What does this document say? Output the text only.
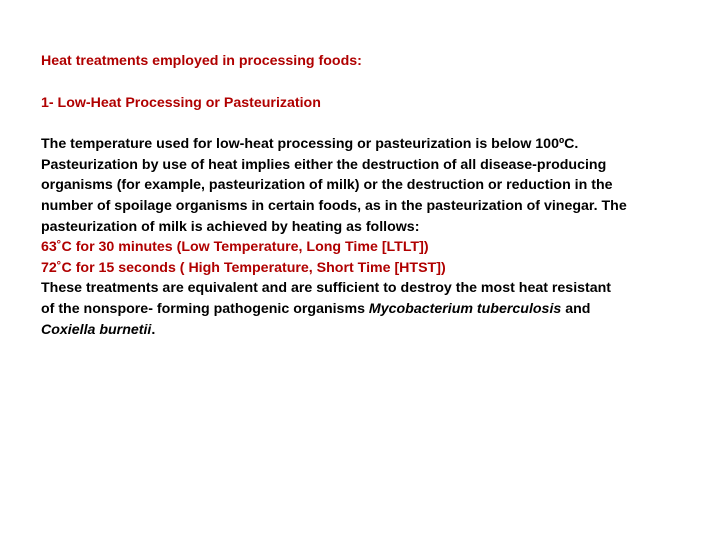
Heat treatments employed in processing foods:

1- Low-Heat Processing or Pasteurization

The temperature used for low-heat processing or pasteurization is below 100ºC.
Pasteurization by use of heat implies either the destruction of all disease-producing
organisms (for example, pasteurization of milk) or the destruction or reduction in the
number of spoilage organisms in certain foods, as in the pasteurization of vinegar. The
pasteurization of milk is achieved by heating as follows:
63˚C for 30 minutes (Low Temperature, Long Time [LTLT])
72˚C for 15 seconds ( High Temperature, Short Time [HTST])
These treatments are equivalent and are sufficient to destroy the most heat resistant
of the nonspore- forming pathogenic organisms Mycobacterium tuberculosis and
Coxiella burnetii.
